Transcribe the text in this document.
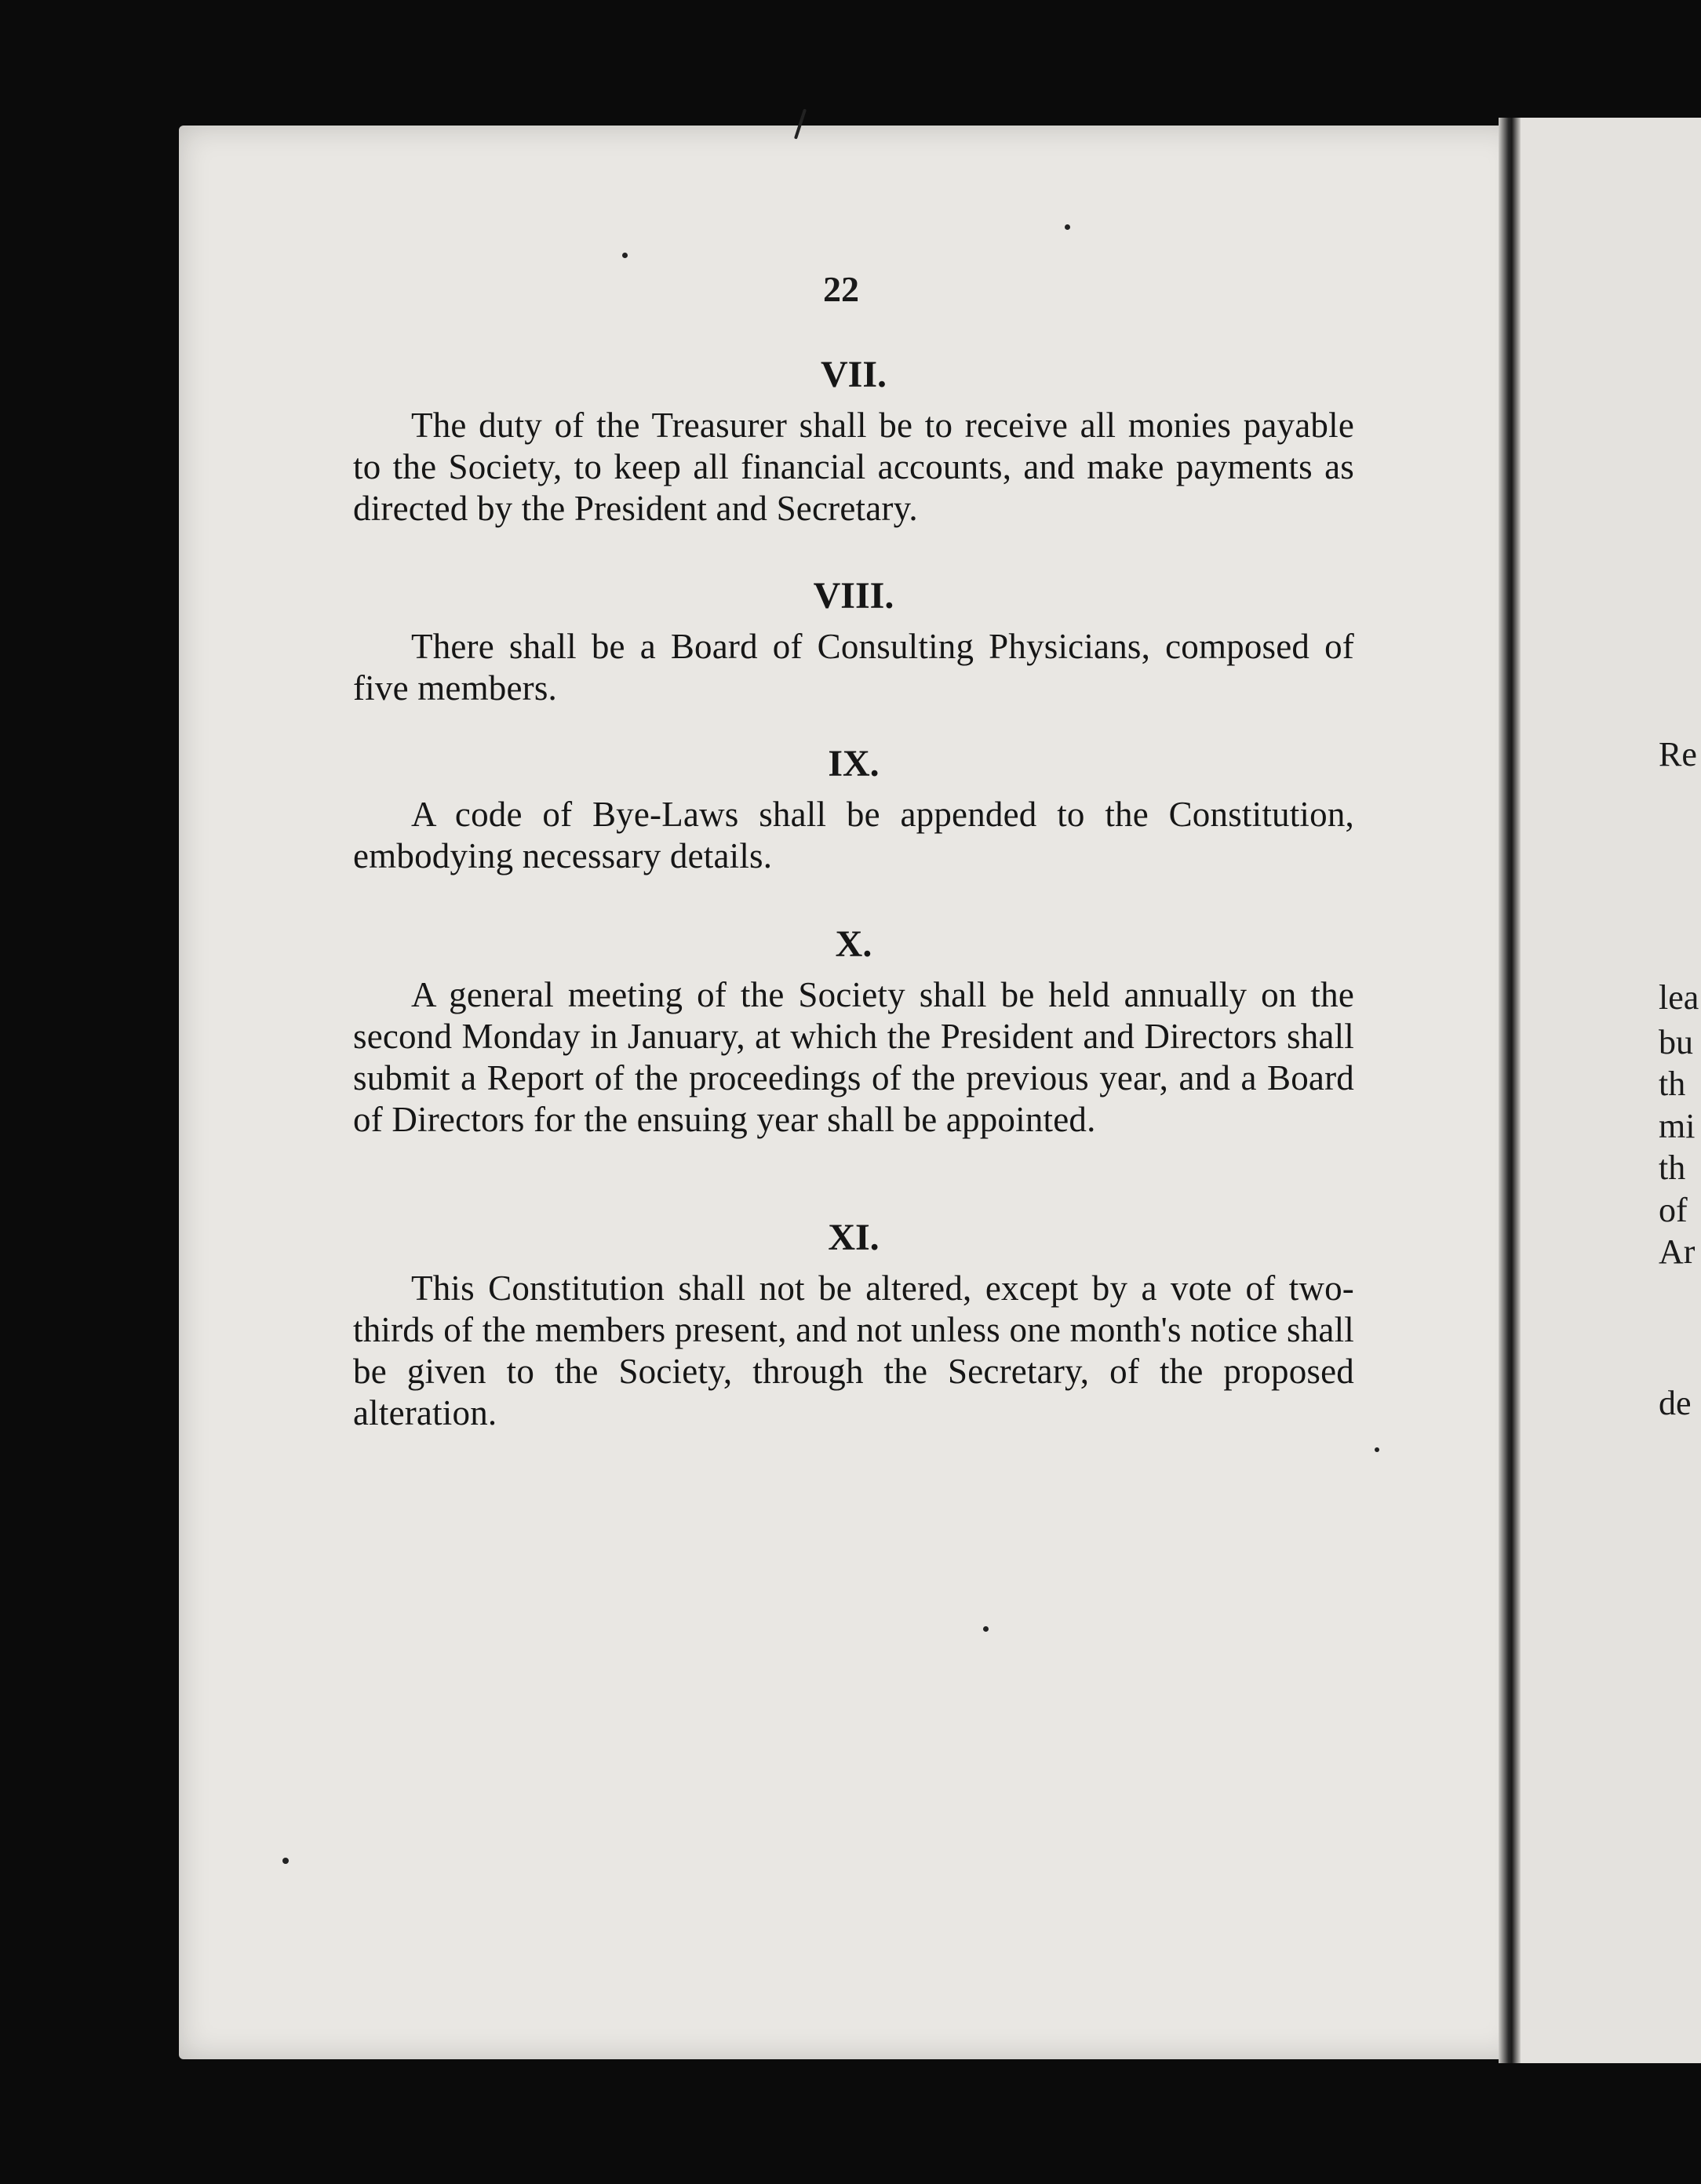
Re
lea
bu
th
mi
th
of
Ar
de
22
VII.

The duty of the Treasurer shall be to receive all monies payable to the Society, to keep all financial accounts, and make payments as directed by the President and Secretary.

VIII.

There shall be a Board of Consulting Physicians, composed of five members.

IX.

A code of Bye-Laws shall be appended to the Constitution, embodying necessary details.

X.

A general meeting of the Society shall be held annually on the second Monday in January, at which the President and Directors shall submit a Report of the proceedings of the previous year, and a Board of Directors for the ensuing year shall be appointed.

XI.

This Constitution shall not be altered, except by a vote of two-thirds of the members present, and not unless one month's notice shall be given to the Society, through the Secretary, of the proposed alteration.
